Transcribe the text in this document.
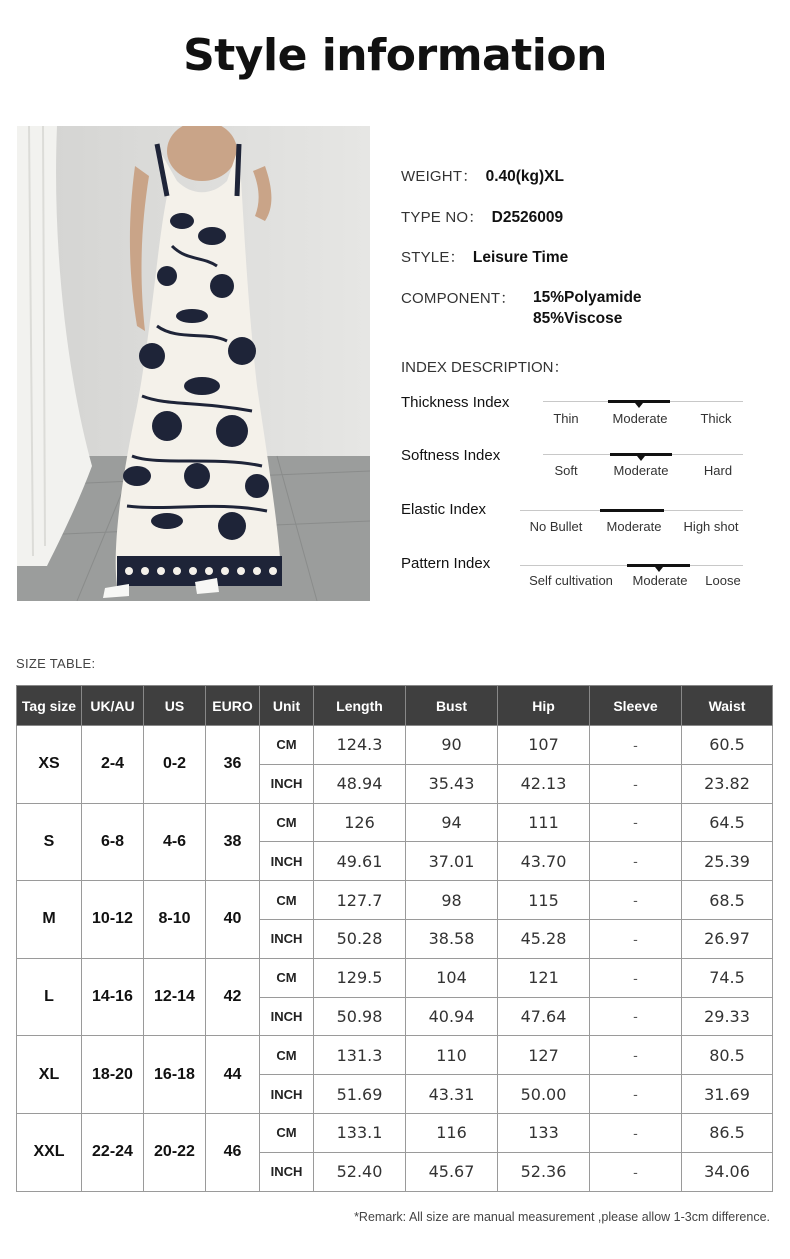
Style information
WEIGHT： 0.40(kg)XL
TYPE NO： D2526009
STYLE： Leisure Time
COMPONENT： 15%Polyamide
85%Viscose
INDEX DESCRIPTION：
Thickness Index
Thin	Moderate	Thick
Softness Index
Soft	Moderate	Hard
Elastic Index
No Bullet Moderate High shot
Pattern Index
Self cultivation Moderate Loose
SIZE TABLE:
Tag size	UK/AU	US	EURO	Unit	Length	Bust	Hip	Sleeve	Waist
XS	2-4	0-2	36	CM	124.3	90	107	-	60.5
				INCH	48.94	35.43	42.13	-	23.82
S	6-8	4-6	38	CM	126	94	111	-	64.5
				INCH	49.61	37.01	43.70	-	25.39
M	10-12	8-10	40	CM	127.7	98	115	-	68.5
				INCH	50.28	38.58	45.28	-	26.97
L	14-16	12-14	42	CM	129.5	104	121	-	74.5
				INCH	50.98	40.94	47.64	-	29.33
XL	18-20	16-18	44	CM	131.3	110	127	-	80.5
				INCH	51.69	43.31	50.00	-	31.69
XXL	22-24	20-22	46	CM	133.1	116	133	-	86.5
				INCH	52.40	45.67	52.36	-	34.06
*Remark: All size are manual measurement ,please allow 1-3cm difference.
